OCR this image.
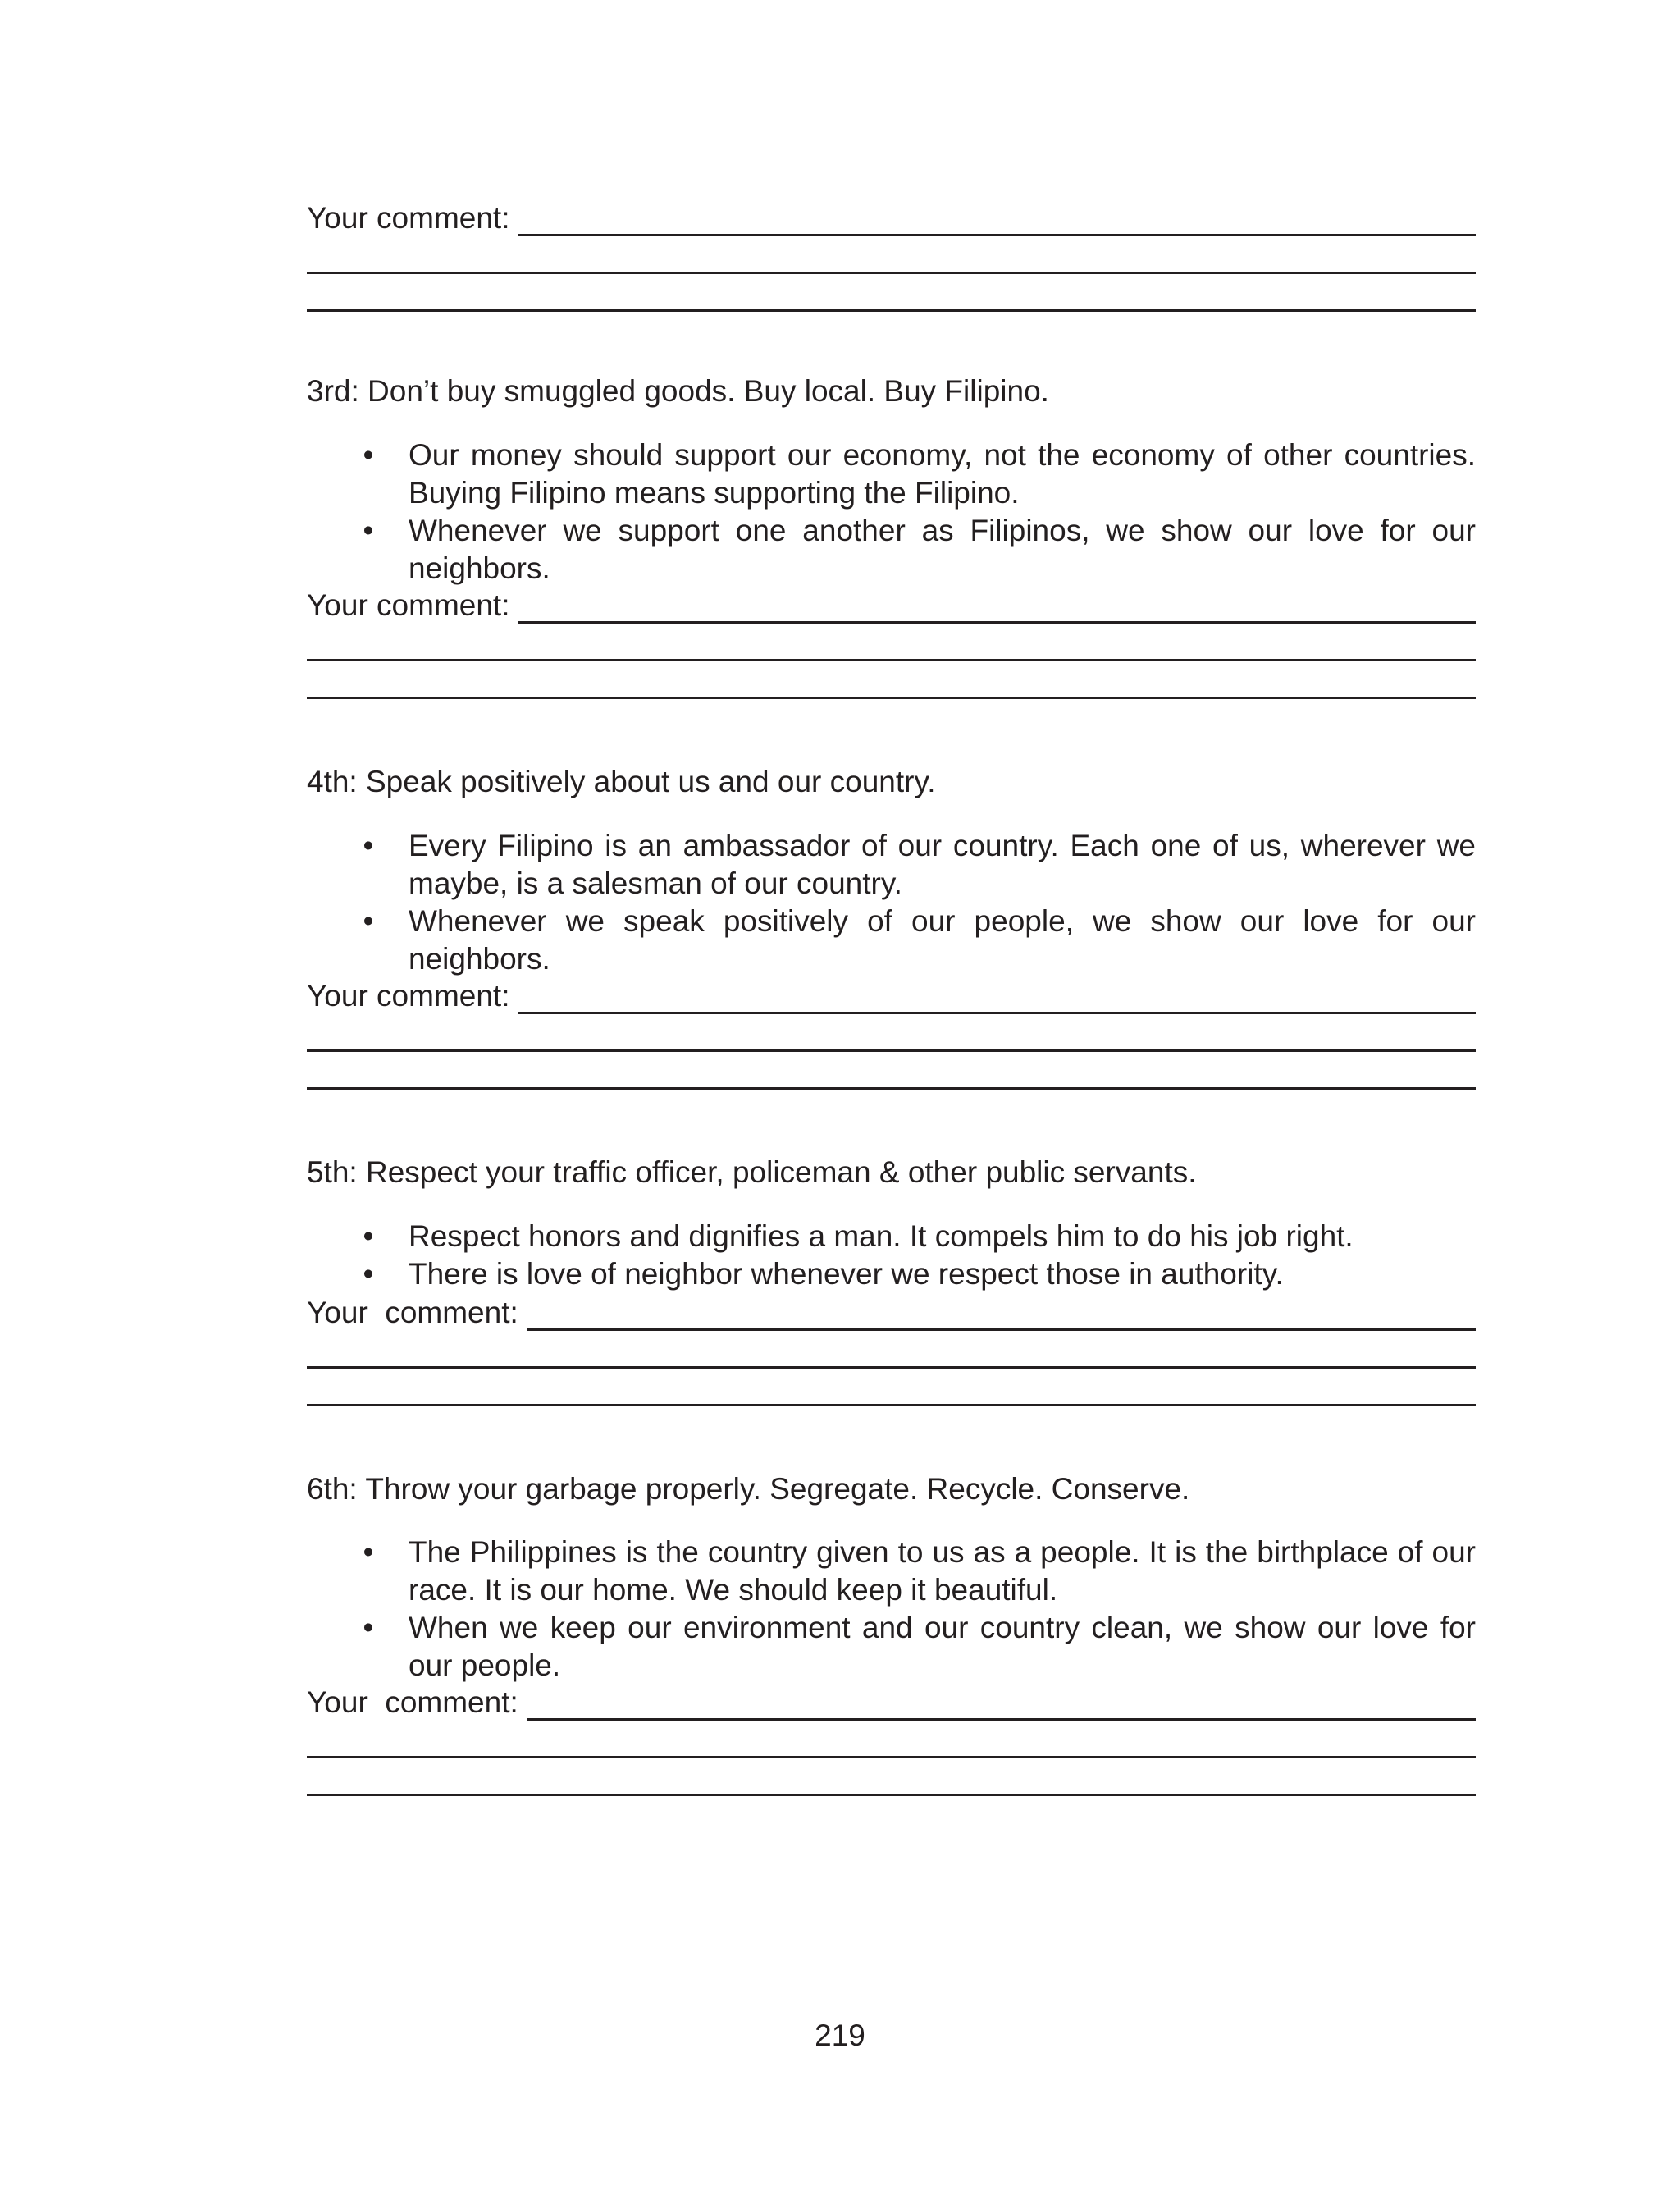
Your comment:
3rd: Don’t buy smuggled goods. Buy local. Buy Filipino.
• Our money should support our economy, not the economy of other countries. Buying Filipino means supporting the Filipino.
• Whenever we support one another as Filipinos, we show our love for our neighbors.
Your comment:
4th: Speak positively about us and our country.
• Every Filipino is an ambassador of our country. Each one of us, wherever we maybe, is a salesman of our country.
• Whenever we speak positively of our people, we show our love for our neighbors.
Your comment:
5th: Respect your traffic officer, policeman & other public servants.
• Respect honors and dignifies a man. It compels him to do his job right.
• There is love of neighbor whenever we respect those in authority.
Your  comment:
6th: Throw your garbage properly. Segregate. Recycle. Conserve.
• The Philippines is the country given to us as a people. It is the birthplace of our race. It is our home. We should keep it beautiful.
• When we keep our environment and our country clean, we show our love for our people.
Your  comment:
219
